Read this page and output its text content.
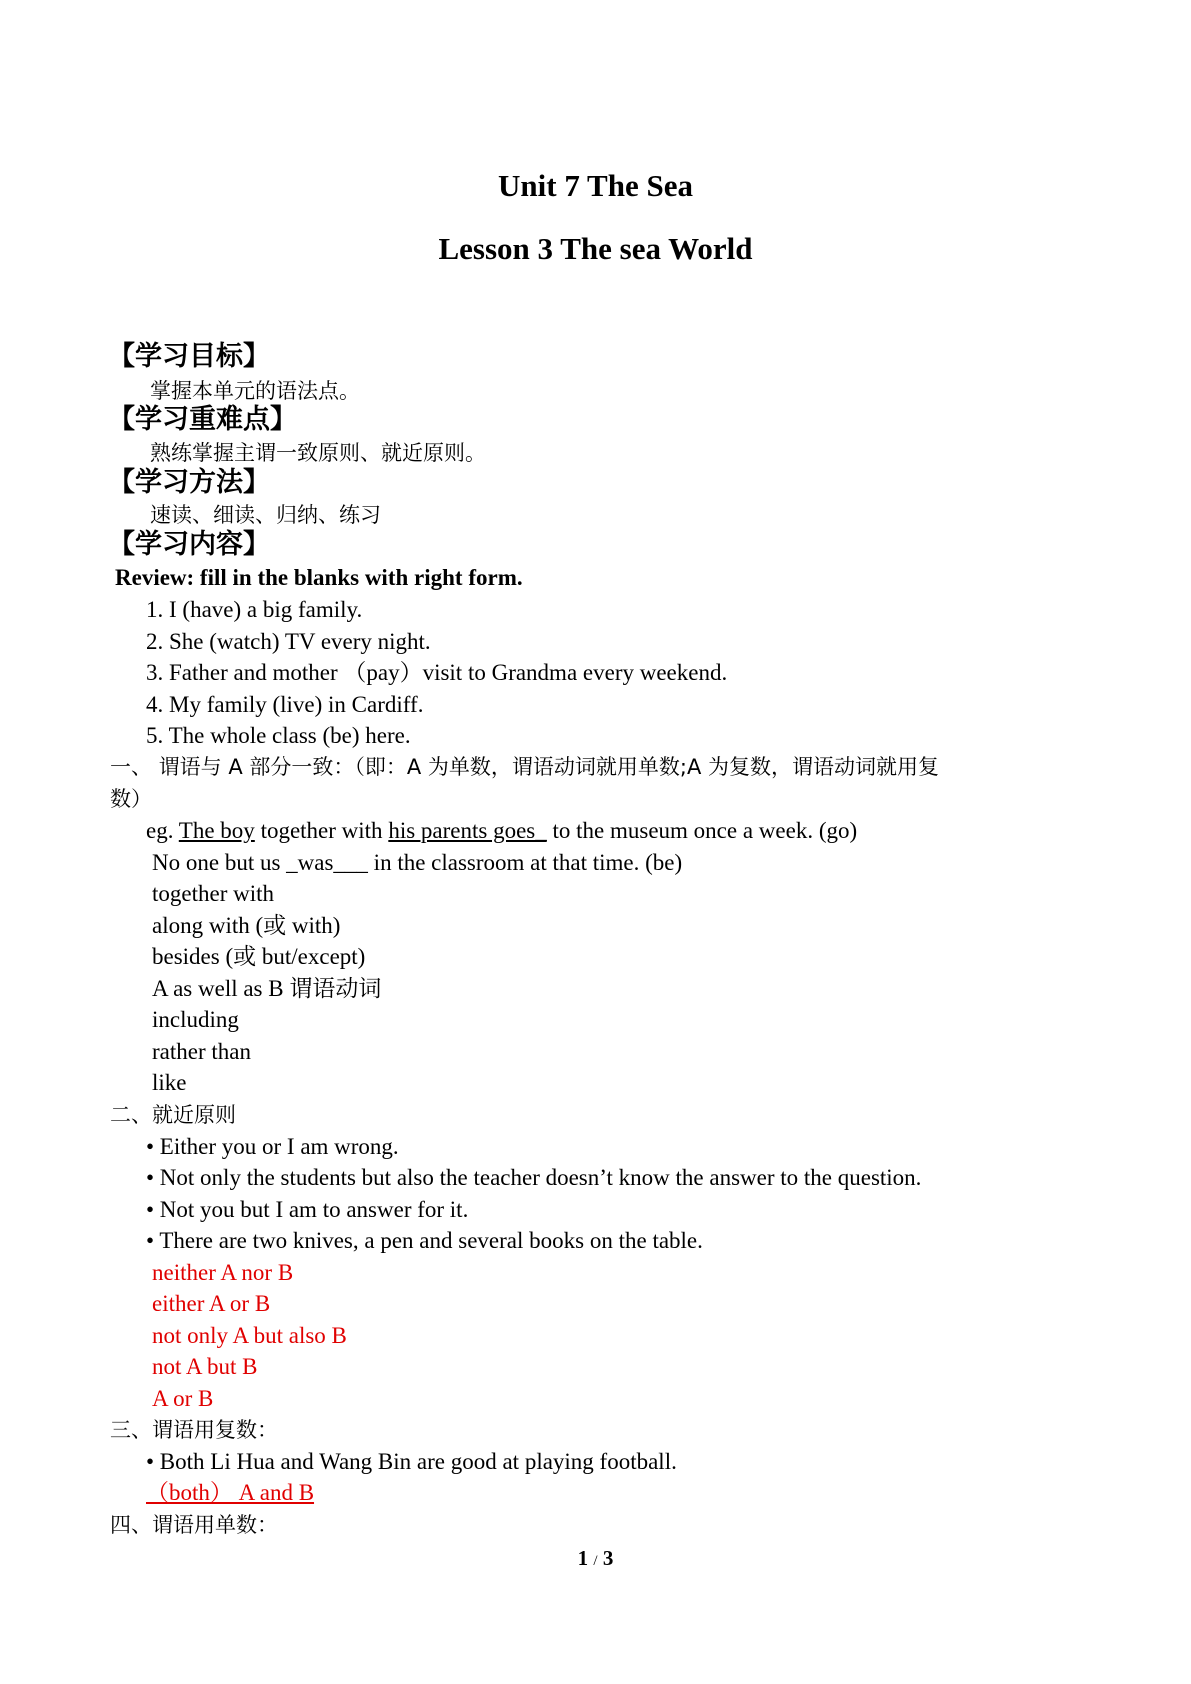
Unit 7 The Sea
Lesson 3 The sea World
【学习目标】
掌握本单元的语法点。
【学习重难点】
熟练掌握主谓一致原则、就近原则。
【学习方法】
速读、细读、归纳、练习
【学习内容】
Review: fill in the blanks with right form.
1. I (have) a big family.
2. She (watch) TV every night.
3. Father and mother （pay）visit to Grandma every weekend.
4. My family (live) in Cardiff.
5. The whole class (be) here.
一、 谓语与 A 部分一致：（即：A 为单数，谓语动词就用单数;A 为复数，谓语动词就用复
数）
eg. The boy together with his parents goes_ to the museum once a week. (go)
No one but us _was___ in the classroom at that time. (be)
together with
along with (或 with)
besides (或 but/except)
A as well as B 谓语动词
including
rather than
like
二、就近原则
• Either you or I am wrong.
• Not only the students but also the teacher doesn’t know the answer to the question.
• Not you but I am to answer for it.
• There are two knives, a pen and several books on the table.
neither A nor B
either A or B
not only A but also B
not A but B
A or B
三、谓语用复数：
• Both Li Hua and Wang Bin are good at playing football.
（both） A and B
四、谓语用单数：
1 / 3
